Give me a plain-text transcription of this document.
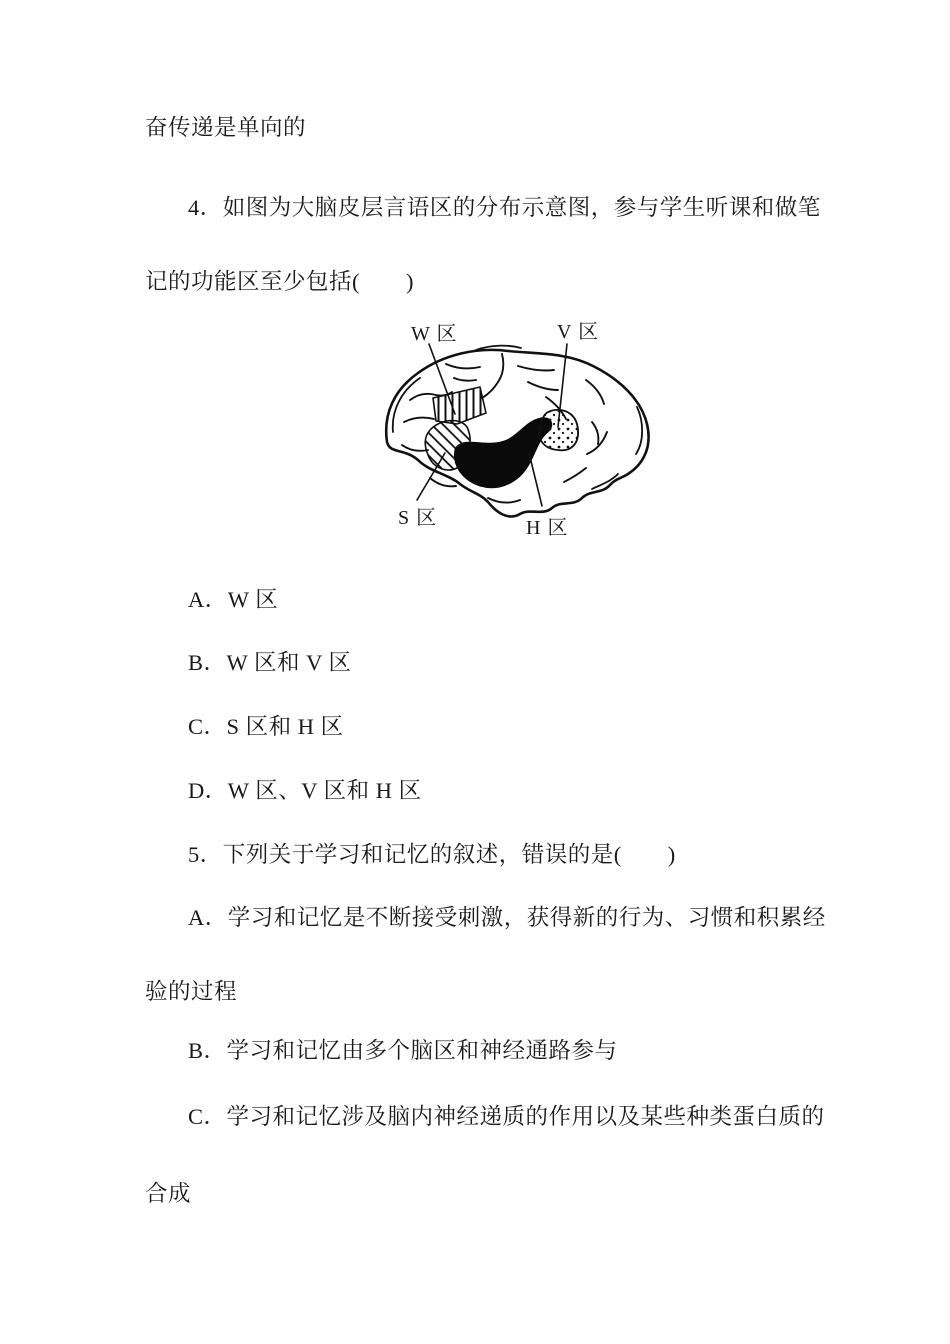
奋传递是单向的

4．如图为大脑皮层言语区的分布示意图，参与学生听课和做笔

记的功能区至少包括(　　)

W 区	V 区
S 区	H 区

A．W 区

B．W 区和 V 区

C．S 区和 H 区

D．W 区、V 区和 H 区

5．下列关于学习和记忆的叙述，错误的是(　　)

A．学习和记忆是不断接受刺激，获得新的行为、习惯和积累经

验的过程

B．学习和记忆由多个脑区和神经通路参与

C．学习和记忆涉及脑内神经递质的作用以及某些种类蛋白质的

合成
